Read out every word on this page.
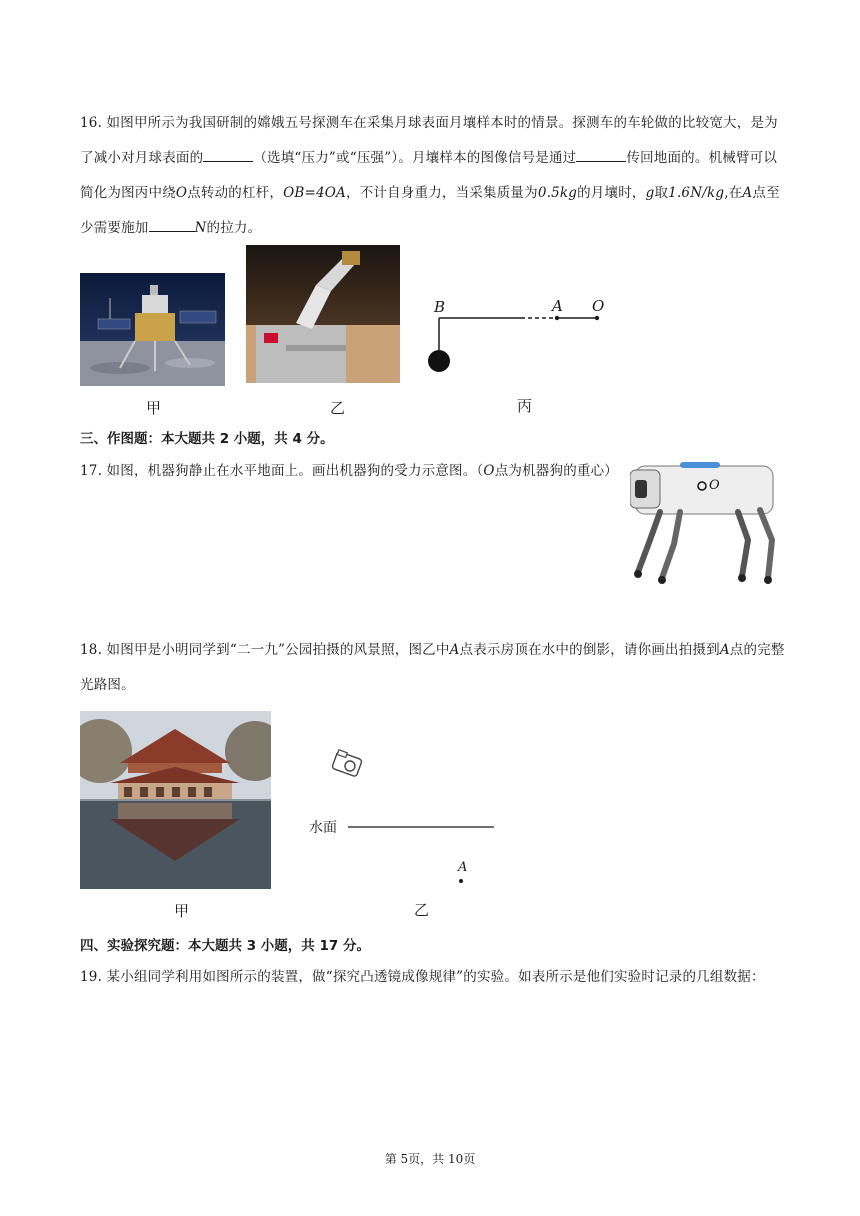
16. 如图甲所示为我国研制的嫦娥五号探测车在采集月球表面月壤样本时的情景。探测车的车轮做的比较宽大，是为了减小对月球表面的	（选填“压力”或“压强”）。月壤样本的图像信号是通过	传回地面的。机械臂可以简化为图丙中绕O点转动的杠杆，OB=4OA，不计自身重力，当采集质量为0.5kg的月壤时，g取1.6N/kg,在A点至少需要施加	N的拉力。

甲	乙
B	A O
丙
三、作图题：本大题共 2 小题，共 4 分。

17. 如图，机器狗静止在水平地面上。画出机器狗的受力示意图。（O点为机器狗的重心）

O

18. 如图甲是小明同学到“二一九”公园拍摄的风景照，图乙中A点表示房顶在水中的倒影，请你画出拍摄到A点的完整光路图。

甲
A
水面
乙
四、实验探究题：本大题共 3 小题，共 17 分。

19. 某小组同学利用如图所示的装置，做“探究凸透镜成像规律”的实验。如表所示是他们实验时记录的几组数据：

第 5页，共 10页
